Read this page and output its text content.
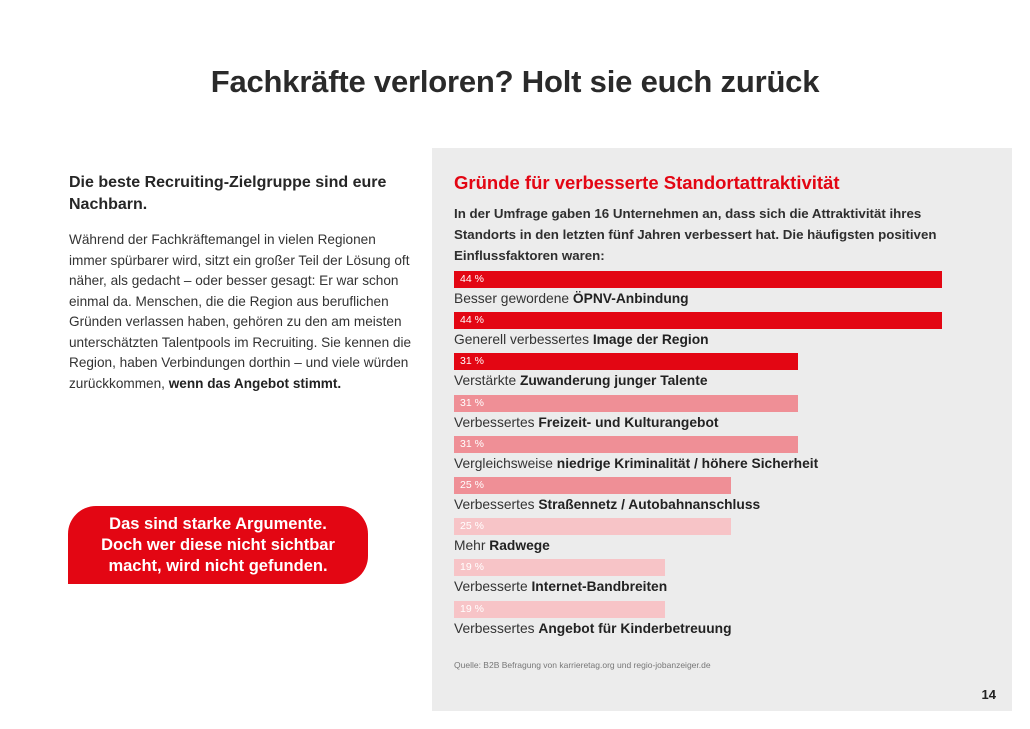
Fachkräfte verloren? Holt sie euch zurück
Die beste Recruiting-Zielgruppe sind eure Nachbarn.

Während der Fachkräftemangel in vielen Regionen immer spürbarer wird, sitzt ein großer Teil der Lösung oft näher, als gedacht – oder besser gesagt: Er war schon einmal da. Menschen, die die Region aus beruflichen Gründen verlassen haben, gehören zu den am meisten unterschätzten Talentpools im Recruiting. Sie kennen die Region, haben Verbindungen dorthin – und viele würden zurückkommen, wenn das Angebot stimmt.

Das sind starke Argumente.
Doch wer diese nicht sichtbar
macht, wird nicht gefunden.
Gründe für verbesserte Standortattraktivität
In der Umfrage gaben 16 Unternehmen an, dass sich die Attraktivität ihres Standorts in den letzten fünf Jahren verbessert hat. Die häufigsten positiven Einflussfaktoren waren:
44 %
Besser gewordene ÖPNV-Anbindung
44 %
Generell verbessertes Image der Region
31 %
Verstärkte Zuwanderung junger Talente
31 %
Verbessertes Freizeit- und Kulturangebot
31 %
Vergleichsweise niedrige Kriminalität / höhere Sicherheit
25 %
Verbessertes Straßennetz / Autobahnanschluss
25 %
Mehr Radwege
19 %
Verbesserte Internet-Bandbreiten
19 %
Verbessertes Angebot für Kinderbetreuung
Quelle: B2B Befragung von karrieretag.org und regio-jobanzeiger.de
14
